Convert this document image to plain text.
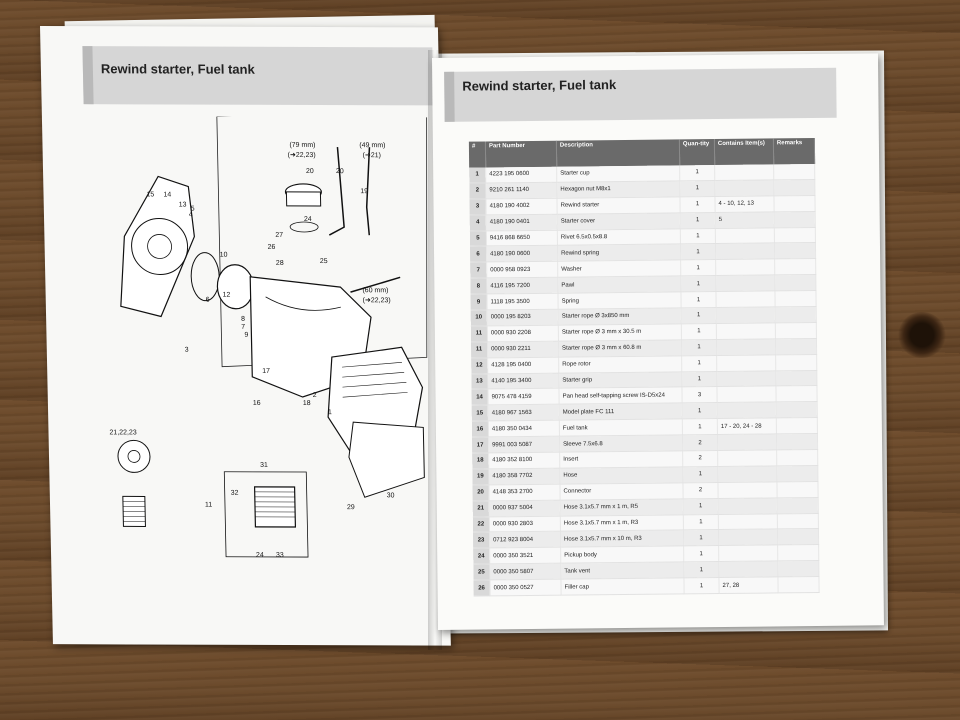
Rewind starter, Fuel tank
(79 mm)
(➜22,23)
(49 mm)
(➜21)
(60 mm)
(➜22,23)
21,22,23
3
5
1
2
4
6
7
8
9
10
11
12
13
14
15
16
17
18
19
20	20
24
24
25
26
27
28
29
30
31
32
33
Rewind starter, Fuel tank
#	Part Number	Description	Quan-tity	Contains Item(s)	Remarks
1	4223 195 0600	Starter cup	1		
2	9210 261 1140	Hexagon nut M8x1	1		
3	4180 190 4002	Rewind starter	1	4 - 10, 12, 13	
4	4180 190 0401	Starter cover	1	5	
5	9416 868 6650	Rivet 6.5x0.5x8.8	1		
6	4180 190 0600	Rewind spring	1		
7	0000 958 0923	Washer	1		
8	4116 195 7200	Pawl	1		
9	1118 195 3500	Spring	1		
10	0000 195 8203	Starter rope Ø 3x850 mm	1		
11	0000 930 2208	Starter rope Ø 3 mm x 30.5 m	1		
11	0000 930 2211	Starter rope Ø 3 mm x 60.8 m	1		
12	4128 195 0400	Rope rotor	1		
13	4140 195 3400	Starter grip	1		
14	9075 478 4159	Pan head self-tapping screw IS-D5x24	3		
15	4180 967 1563	Model plate FC 111	1		
16	4180 350 0434	Fuel tank	1	17 - 20, 24 - 28	
17	9991 003 5087	Sleeve 7.5x6.8	2		
18	4180 352 8100	Insert	2		
19	4180 358 7702	Hose	1		
20	4148 353 2700	Connector	2		
21	0000 937 5004	Hose 3.1x5.7 mm x 1 m, R5	1		
22	0000 930 2803	Hose 3.1x5.7 mm x 1 m, R3	1		
23	0712 923 8004	Hose 3.1x5.7 mm x 10 m, R3	1		
24	0000 350 3521	Pickup body	1		
25	0000 350 5807	Tank vent	1		
26	0000 350 0527	Filler cap	1	27, 28	
